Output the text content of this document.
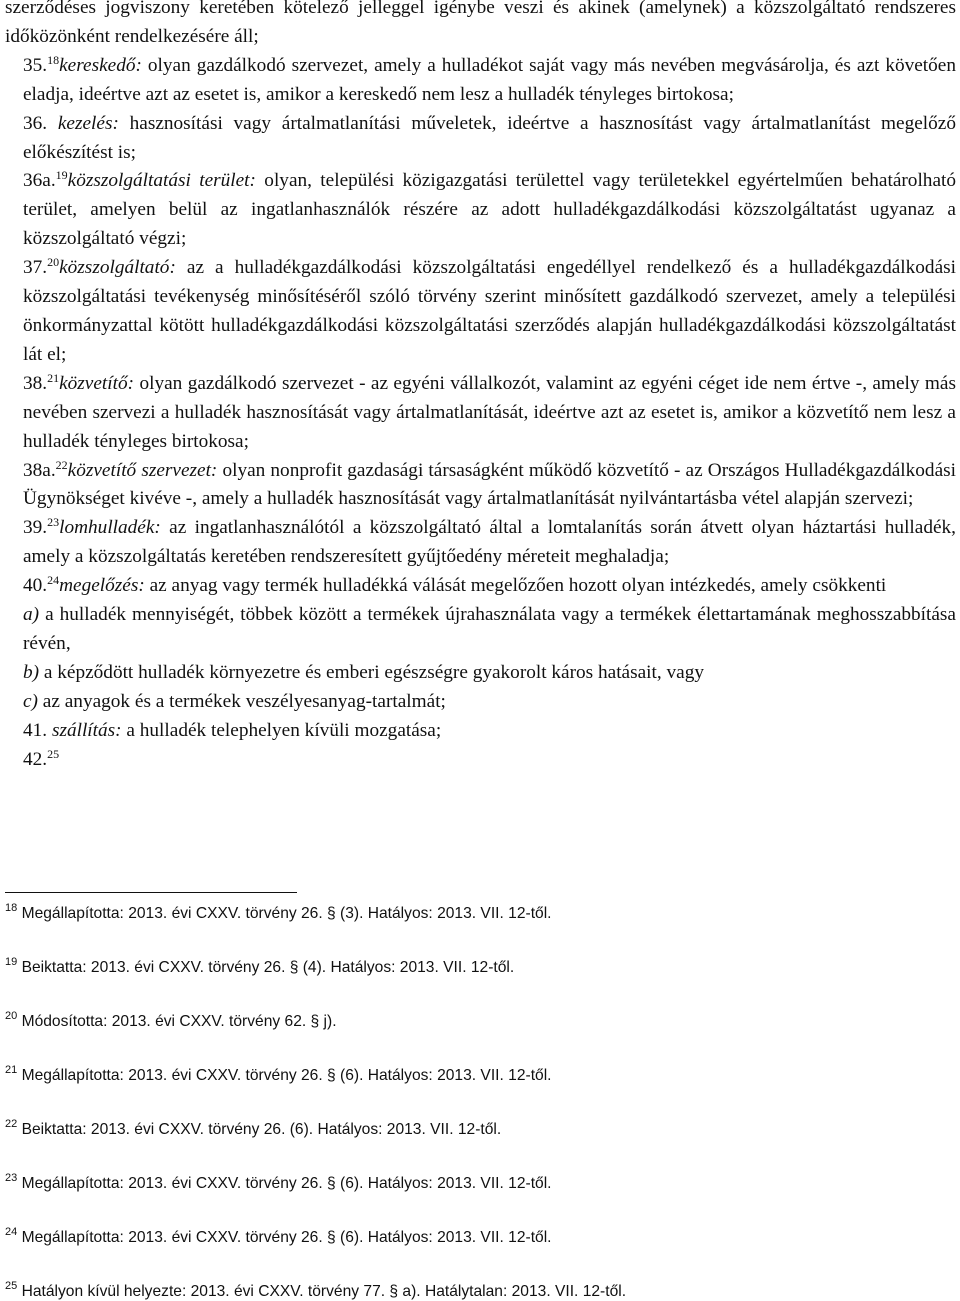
szerződéses jogviszony keretében kötelező jelleggel igénybe veszi és akinek (amelynek) a közszolgáltató rendszeres időközönként rendelkezésére áll;

35.18kereskedő: olyan gazdálkodó szervezet, amely a hulladékot saját vagy más nevében megvásárolja, és azt követően eladja, ideértve azt az esetet is, amikor a kereskedő nem lesz a hulladék tényleges birtokosa;

36. kezelés: hasznosítási vagy ártalmatlanítási műveletek, ideértve a hasznosítást vagy ártalmatlanítást megelőző előkészítést is;

36a.$^{19}$közszolgáltatási terület: olyan, települési közigazgatási területtel vagy területekkel egyértelműen behatárolható terület, amelyen belül az ingatlanhasználók részére az adott hulladékgazdálkodási közszolgáltatást ugyanaz a közszolgáltató végzi;

37.20közszolgáltató: az a hulladékgazdálkodási közszolgáltatási engedéllyel rendelkező és a hulladékgazdálkodási közszolgáltatási tevékenység minősítéséről szóló törvény szerint minősített gazdálkodó szervezet, amely a települési önkormányzattal kötött hulladékgazdálkodási közszolgáltatási szerződés alapján hulladékgazdálkodási közszolgáltatást lát el;

38.21közvetítő: olyan gazdálkodó szervezet - az egyéni vállalkozót, valamint az egyéni céget ide nem értve -, amely más nevében szervezi a hulladék hasznosítását vagy ártalmatlanítását, ideértve azt az esetet is, amikor a közvetítő nem lesz a hulladék tényleges birtokosa;

38a.$^{22}$közvetítő szervezet: olyan nonprofit gazdasági társaságként működő közvetítő - az Országos Hulladékgazdálkodási Ügynökséget kivéve -, amely a hulladék hasznosítását vagy ártalmatlanítását nyilvántartásba vétel alapján szervezi;

39.23lomhulladék: az ingatlanhasználótól a közszolgáltató által a lomtalanítás során átvett olyan háztartási hulladék, amely a közszolgáltatás keretében rendszeresített gyűjtőedény méreteit meghaladja;

40.24megelőzés: az anyag vagy termék hulladékká válását megelőzően hozott olyan intézkedés, amely csökkenti

a) a hulladék mennyiségét, többek között a termékek újrahasználata vagy a termékek élettartamának meghosszabbítása révén,

b) a képződött hulladék környezetre és emberi egészségre gyakorolt káros hatásait, vagy

c) az anyagok és a termékek veszélyesanyag-tartalmát;

41. szállítás: a hulladék telephelyen kívüli mozgatása;

42.25

$^{18}$ Megállapította: 2013. évi CXXV. törvény 26. § (3). Hatályos: 2013. VII. 12-től.
$^{19}$ Beiktatta: 2013. évi CXXV. törvény 26. § (4). Hatályos: 2013. VII. 12-től.
$^{20}$ Módosította: 2013. évi CXXV. törvény 62. § j).
$^{21}$ Megállapította: 2013. évi CXXV. törvény 26. § (6). Hatályos: 2013. VII. 12-től.
$^{22}$ Beiktatta: 2013. évi CXXV. törvény 26. (6). Hatályos: 2013. VII. 12-től.
$^{23}$ Megállapította: 2013. évi CXXV. törvény 26. § (6). Hatályos: 2013. VII. 12-től.
$^{24}$ Megállapította: 2013. évi CXXV. törvény 26. § (6). Hatályos: 2013. VII. 12-től.
$^{25}$ Hatályon kívül helyezte: 2013. évi CXXV. törvény 77. § a). Hatálytalan: 2013. VII. 12-től.
